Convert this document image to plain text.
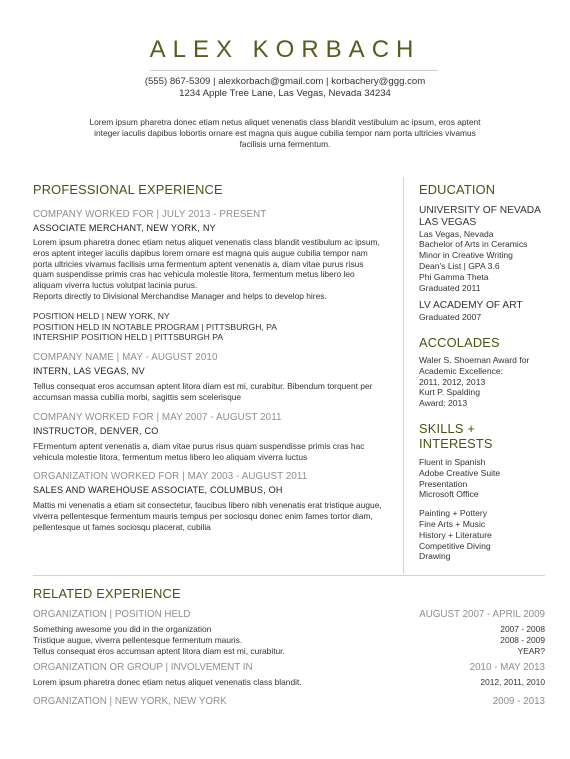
ALEX KORBACH
(555) 867-5309 | alexkorbach@gmail.com | korbachery@ggg.com
1234 Apple Tree Lane, Las Vegas, Nevada 34234
Lorem ipsum pharetra donec etiam netus aliquet venenatis class blandit vestibulum ac ipsum, eros aptent integer iaculis dapibus lobortis ornare est magna quis augue cubilia tempor nam porta ultricies vivamus facilisis urna fermentum.
PROFESSIONAL EXPERIENCE
COMPANY WORKED FOR | JULY 2013 - PRESENT
ASSOCIATE MERCHANT, NEW YORK, NY
Lorem ipsum pharetra donec etiam netus aliquet venenatis class blandit vestibulum ac ipsum, eros aptent integer iaculis dapibus lorem ornare est magna quis augue cubilia tempor nam porta ultricies vivamus facilisis urna fermentum aptent venenatis a, diam vitae purus risus quam suspendisse primis cras hac vehicula molestie litora, fermentum metus libero leo aliquam viverra luctus volutpat lacinia purus.
Reports directly to Divisional Merchandise Manager and helps to develop hires.
POSITION HELD | NEW YORK, NY
POSITION HELD IN NOTABLE PROGRAM | PITTSBURGH, PA
INTERSHIP POSITION HELD | PITTSBURGH PA
COMPANY NAME | MAY - AUGUST 2010
INTERN, LAS VEGAS, NV
Tellus consequat eros accumsan aptent litora diam est mi, curabitur. Bibendum torquent per accumsan massa cubilia morbi, sagittis sem scelerisque
COMPANY WORKED FOR | MAY 2007 - AUGUST 2011
INSTRUCTOR, DENVER, CO
FErmentum aptent venenatis a, diam vitae purus risus quam suspendisse primis cras hac vehicula molestie litora, fermentum metus libero leo aliquam viverra luctus
ORGANIZATION WORKED FOR | MAY 2003 - AUGUST 2011
SALES AND WAREHOUSE ASSOCIATE, COLUMBUS, OH
Mattis mi venenatis a etiam sit consectetur, faucibus libero nibh venenatis erat tristique augue, viverra pellentesque fermentum mauris tempus per sociosqu donec enim fames tortor diam, pellentesque ut fames sociosqu placerat, cubilia
EDUCATION
UNIVERSITY OF NEVADA
LAS VEGAS
Las Vegas, Nevada
Bachelor of Arts in Ceramics
Minor in Creative Writing
Dean's List | GPA 3.6
Phi Gamma Theta
Graduated 2011
LV ACADEMY OF ART
Graduated 2007
ACCOLADES
Waler S. Shoeman Award for
Academic Excellence:
2011, 2012, 2013
Kurt P. Spalding
Award: 2013
SKILLS + INTERESTS
Fluent in Spanish
Adobe Creative Suite
Presentation
Microsoft Office
Painting + Pottery
Fine Arts + Music
History + Literature
Competitive Diving
Drawing
RELATED EXPERIENCE
ORGANIZATION | POSITION HELD	AUGUST 2007 - APRIL 2009
Something awesome you did in the organization	2007 - 2008
Tristique augue, viverra pellentesque fermentum mauris.	2008 - 2009
Tellus consequat eros accumsan aptent litora diam est mi, curabitur.	YEAR?
ORGANIZATION OR GROUP | INVOLVEMENT IN	2010 - MAY 2013
Lorem ipsum pharetra donec etiam netus aliquet venenatis class blandit.	2012, 2011, 2010
ORGANIZATION | NEW YORK, NEW YORK	2009 - 2013
